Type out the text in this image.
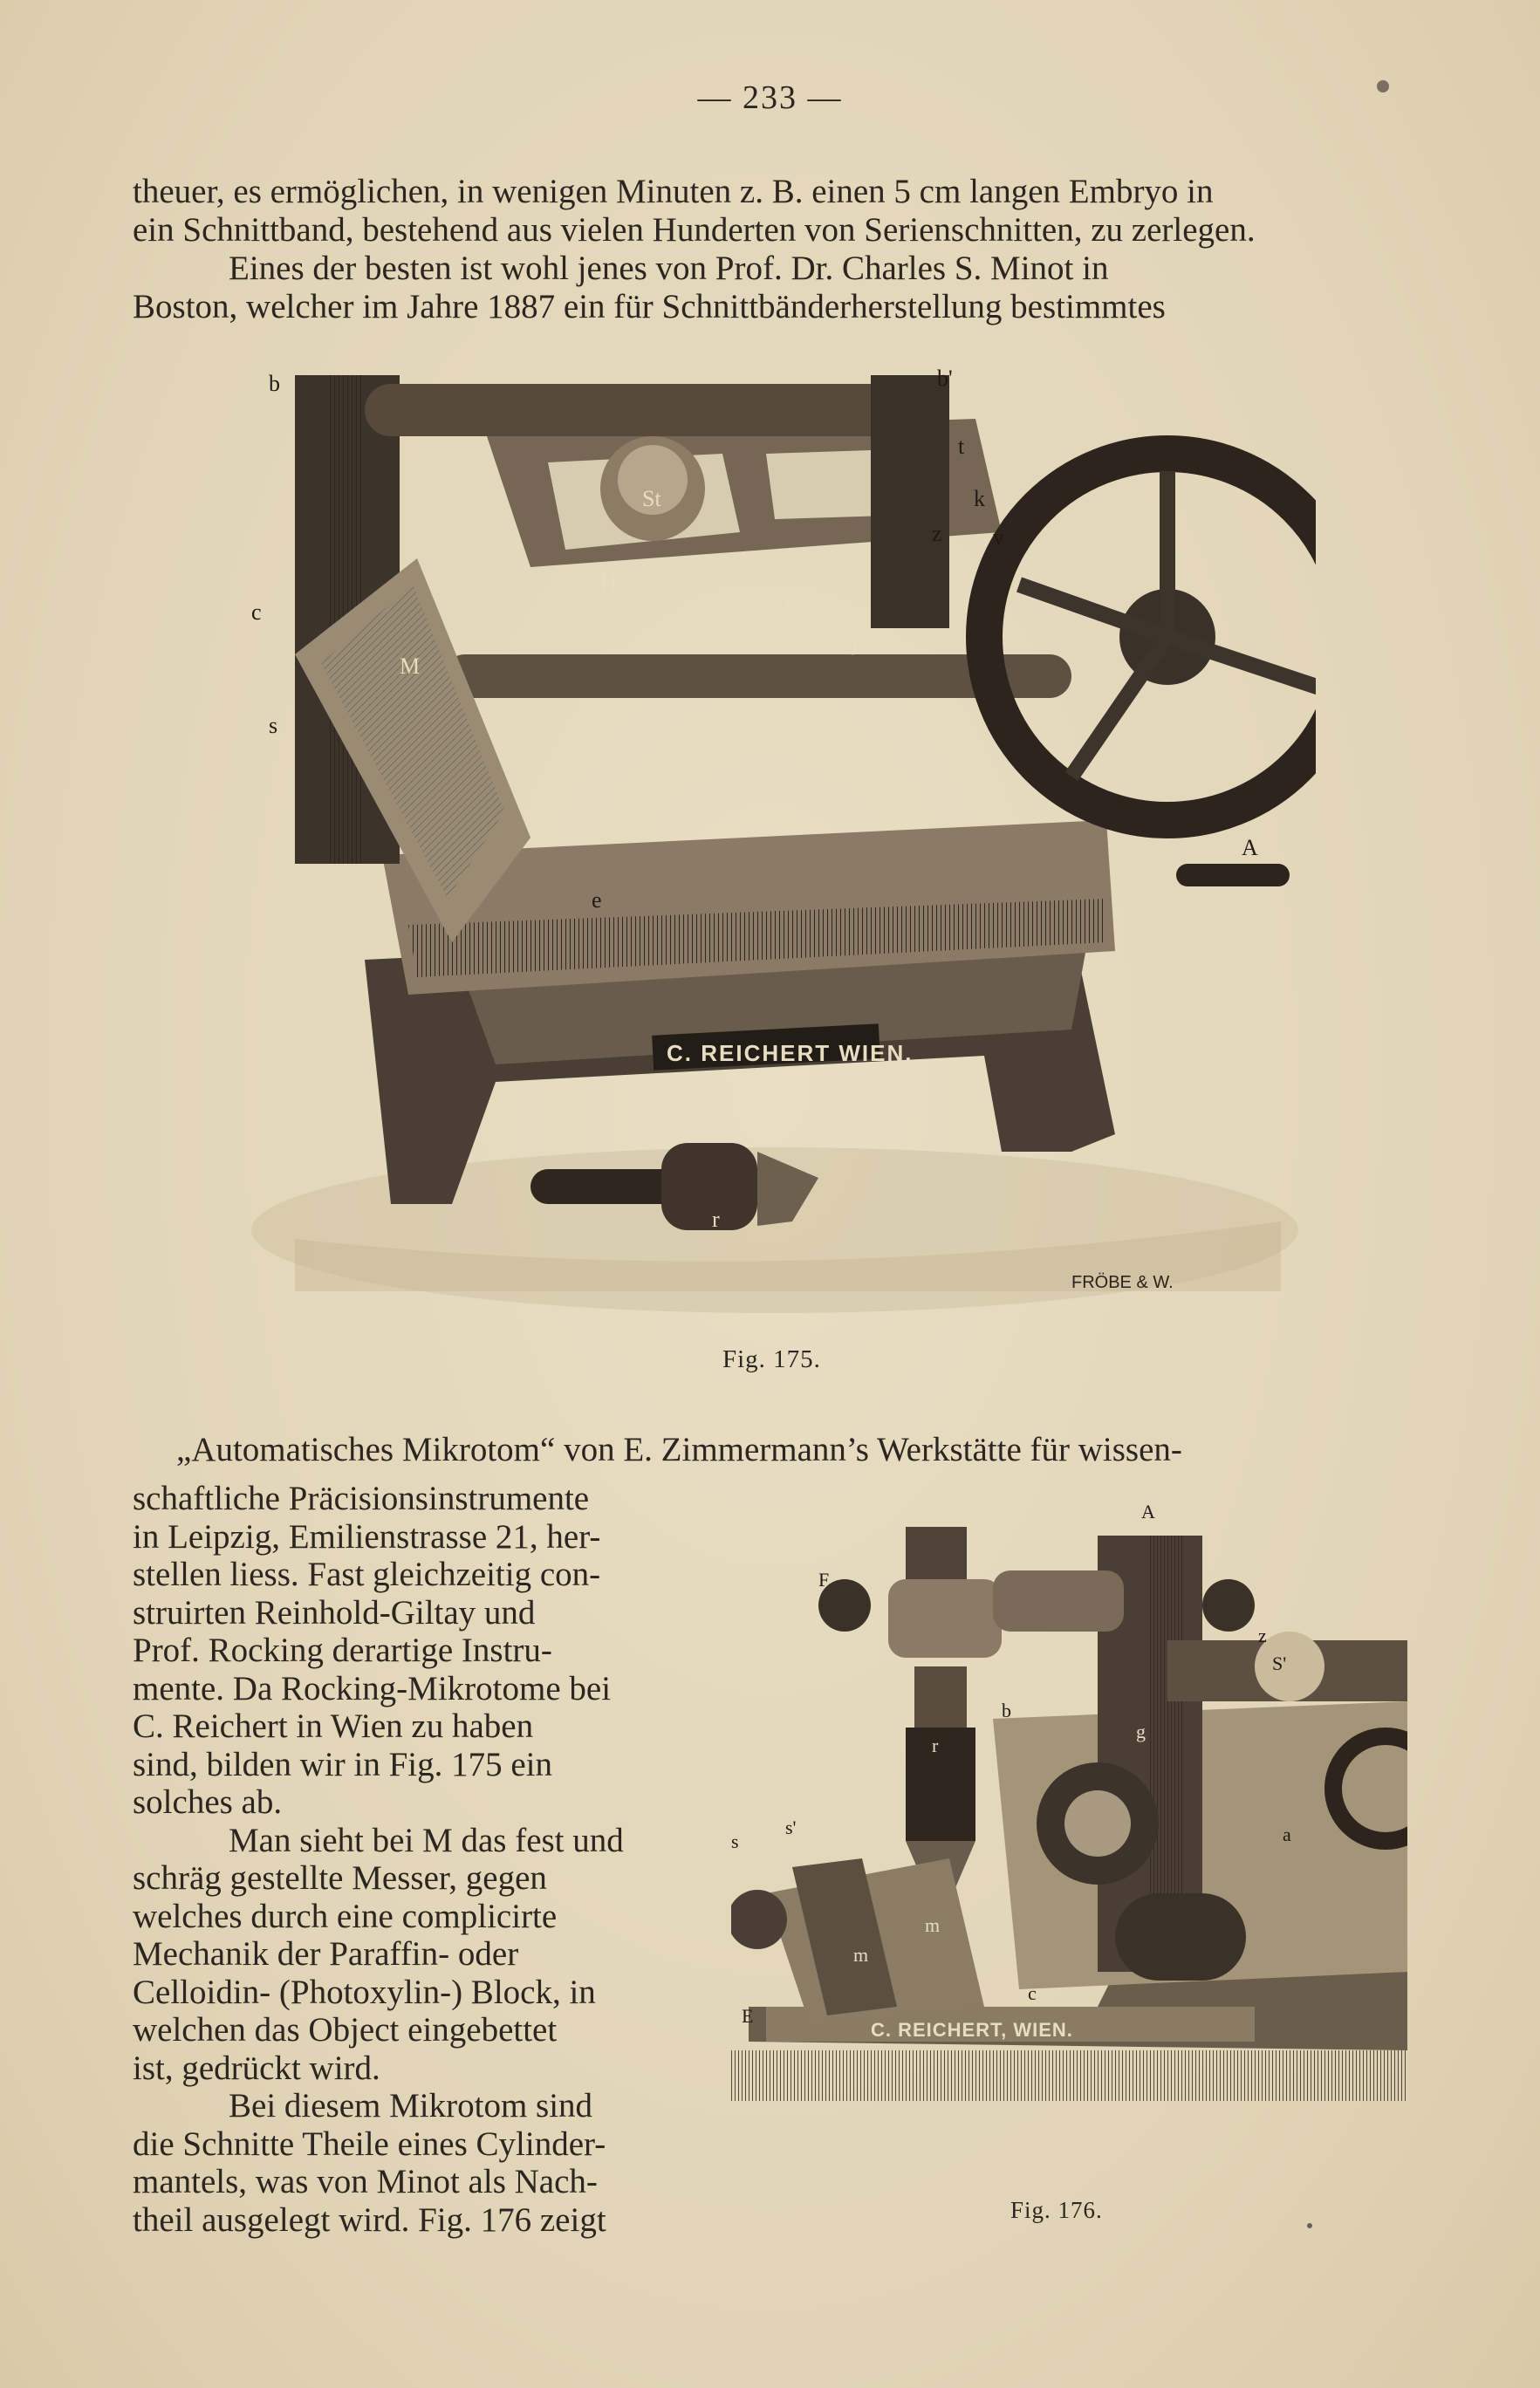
— 233 —
theuer, es ermöglichen, in wenigen Minuten z. B. einen 5 cm langen Embryo in
ein Schnittband, bestehend aus vielen Hunderten von Serienschnitten, zu zerlegen.
Eines der besten ist wohl jenes von Prof. Dr. Charles S. Minot in
Boston, welcher im Jahre 1887 ein für Schnittbänderherstellung bestimmtes
b	b'
t
k
z v
St
H
K
J
M
c
s	a
e
A
r
C. REICHERT WIEN.
FRÖBE & W.
Fig. 175.
„Automatisches Mikrotom“ von E. Zimmermann’s Werkstätte für wissen-
schaftliche Präcisionsinstrumente
in Leipzig, Emilienstrasse 21, her-
stellen liess. Fast gleichzeitig con-
struirten Reinhold-Giltay und
Prof. Rocking derartige Instru-
mente. Da Rocking-Mikrotome bei
C. Reichert in Wien zu haben
sind, bilden wir in Fig. 175 ein
solches ab.
Man sieht bei M das fest und
schräg gestellte Messer, gegen
welches durch eine complicirte
Mechanik der Paraffin- oder
Celloidin- (Photoxylin-) Block, in
welchen das Object eingebettet
ist, gedrückt wird.
Bei diesem Mikrotom sind
die Schnitte Theile eines Cylinder-
mantels, was von Minot als Nach-
theil ausgelegt wird. Fig. 176 zeigt
A
F
z
S'
b
g
r
s'
s	a
m
m
E
c
C. REICHERT, WIEN.
Fig. 176.
